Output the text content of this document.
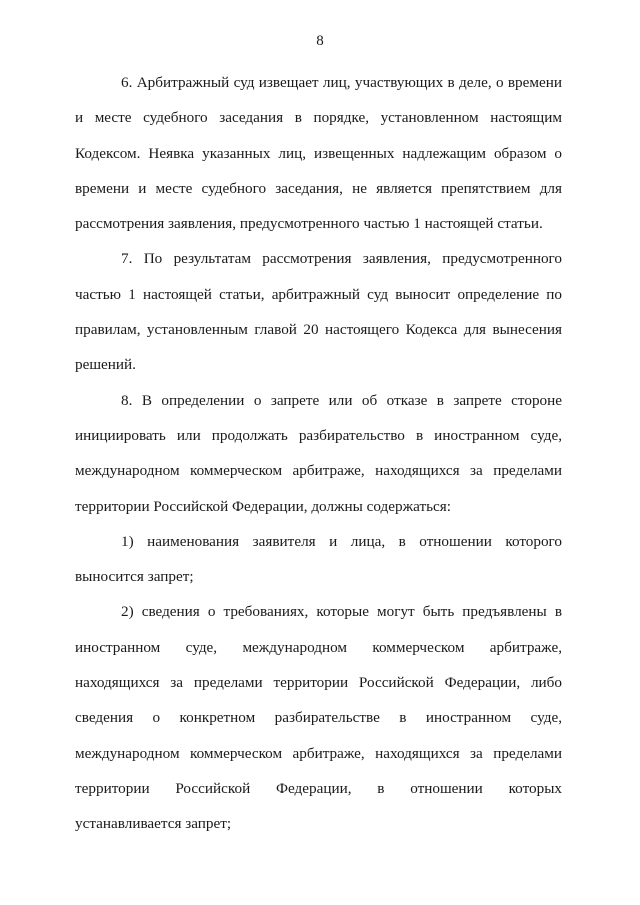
8

6. Арбитражный суд извещает лиц, участвующих в деле, о времени и месте судебного заседания в порядке, установленном настоящим Кодексом. Неявка указанных лиц, извещенных надлежащим образом о времени и месте судебного заседания, не является препятствием для рассмотрения заявления, предусмотренного частью 1 настоящей статьи.

7. По результатам рассмотрения заявления, предусмотренного частью 1 настоящей статьи, арбитражный суд выносит определение по правилам, установленным главой 20 настоящего Кодекса для вынесения решений.

8. В определении о запрете или об отказе в запрете стороне инициировать или продолжать разбирательство в иностранном суде, международном коммерческом арбитраже, находящихся за пределами территории Российской Федерации, должны содержаться:

1) наименования заявителя и лица, в отношении которого выносится запрет;

2) сведения о требованиях, которые могут быть предъявлены в иностранном суде, международном коммерческом арбитраже, находящихся за пределами территории Российской Федерации, либо сведения о конкретном разбирательстве в иностранном суде, международном коммерческом арбитраже, находящихся за пределами территории Российской Федерации, в отношении которых устанавливается запрет;
